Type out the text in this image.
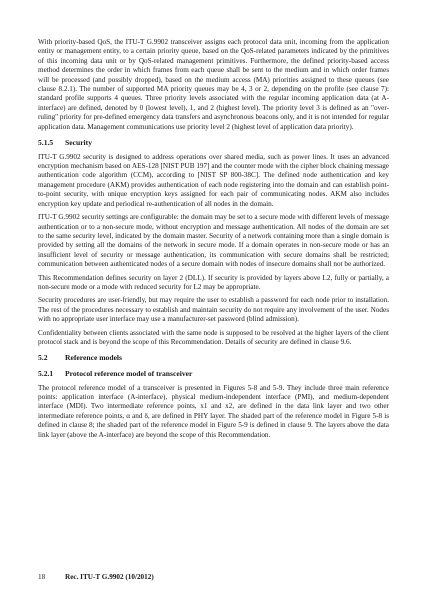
With priority-based QoS, the ITU-T G.9902 transceiver assigns each protocol data unit, incoming from the application entity or management entity, to a certain priority queue, based on the QoS-related parameters indicated by the primitives of this incoming data unit or by QoS-related management primitives. Furthermore, the defined priority-based access method determines the order in which frames from each queue shall be sent to the medium and in which order frames will be processed (and possibly dropped), based on the medium access (MA) priorities assigned to these queues (see clause 8.2.1). The number of supported MA priority queues may be 4, 3 or 2, depending on the profile (see clause 7): standard profile supports 4 queues. Three priority levels associated with the regular incoming application data (at A-interface) are defined, denoted by 0 (lowest level), 1, and 2 (highest level). The priority level 3 is defined as an "over-ruling" priority for pre-defined emergency data transfers and asynchronous beacons only, and it is not intended for regular application data. Management communications use priority level 2 (highest level of application data priority).

5.1.5	Security

ITU-T G.9902 security is designed to address operations over shared media, such as power lines. It uses an advanced encryption mechanism based on AES-128 [NIST PUB 197] and the counter mode with the cipher block chaining message authentication code algorithm (CCM), according to [NIST SP 800-38C]. The defined node authentication and key management procedure (AKM) provides authentication of each node registering into the domain and can establish point-to-point security, with unique encryption keys assigned for each pair of communicating nodes. AKM also includes encryption key update and periodical re-authentication of all nodes in the domain.

ITU-T G.9902 security settings are configurable: the domain may be set to a secure mode with different levels of message authentication or to a non-secure mode, without encryption and message authentication. All nodes of the domain are set to the same security level, indicated by the domain master. Security of a network containing more than a single domain is provided by setting all the domains of the network in secure mode. If a domain operates in non-secure mode or has an insufficient level of security or message authentication, its communication with secure domains shall be restricted; communication between authenticated nodes of a secure domain with nodes of insecure domains shall not be authorized.

This Recommendation defines security on layer 2 (DLL). If security is provided by layers above L2, fully or partially, a non-secure mode or a mode with reduced security for L2 may be appropriate.

Security procedures are user-friendly, but may require the user to establish a password for each node prior to installation. The rest of the procedures necessary to establish and maintain security do not require any involvement of the user. Nodes with no appropriate user interface may use a manufacturer-set password (blind admission).

Confidentiality between clients associated with the same node is supposed to be resolved at the higher layers of the client protocol stack and is beyond the scope of this Recommendation. Details of security are defined in clause 9.6.

5.2	Reference models
5.2.1	Protocol reference model of transceiver

The protocol reference model of a transceiver is presented in Figures 5-8 and 5-9. They include three main reference points: application interface (A-interface), physical medium-independent interface (PMI), and medium-dependent interface (MDI). Two intermediate reference points, x1 and x2, are defined in the data link layer and two other intermediate reference points, α and δ, are defined in PHY layer. The shaded part of the reference model in Figure 5-8 is defined in clause 8; the shaded part of the reference model in Figure 5-9 is defined in clause 9. The layers above the data link layer (above the A-interface) are beyond the scope of this Recommendation.

18	Rec. ITU-T G.9902 (10/2012)
